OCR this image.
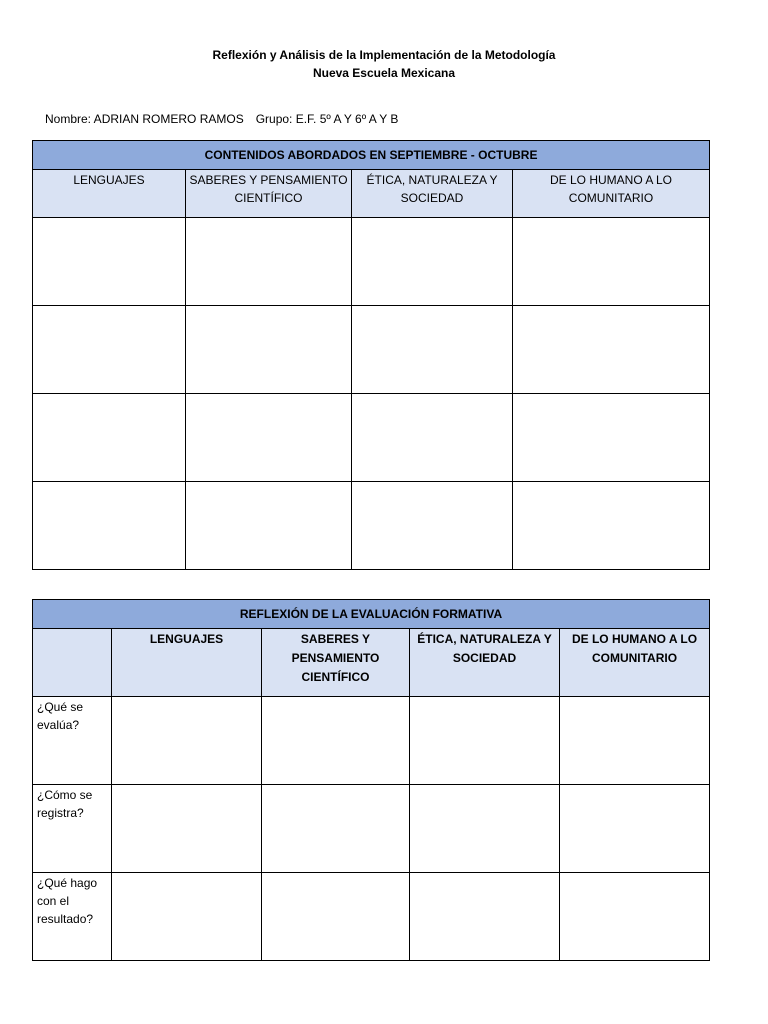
Reflexión y Análisis de la Implementación de la Metodología
Nueva Escuela Mexicana
Nombre: ADRIAN ROMERO RAMOS Grupo: E.F. 5º A Y 6º A Y B
CONTENIDOS ABORDADOS EN SEPTIEMBRE - OCTUBRE			
LENGUAJES	SABERES Y PENSAMIENTO CIENTÍFICO	ÉTICA, NATURALEZA Y SOCIEDAD	DE LO HUMANO A LO COMUNITARIO

REFLEXIÓN DE LA EVALUACIÓN FORMATIVA				
	LENGUAJES	SABERES Y PENSAMIENTO CIENTÍFICO	ÉTICA, NATURALEZA Y SOCIEDAD	DE LO HUMANO A LO COMUNITARIO
¿Qué se evalúa?				
¿Cómo se registra?				
¿Qué hago con el resultado?				
